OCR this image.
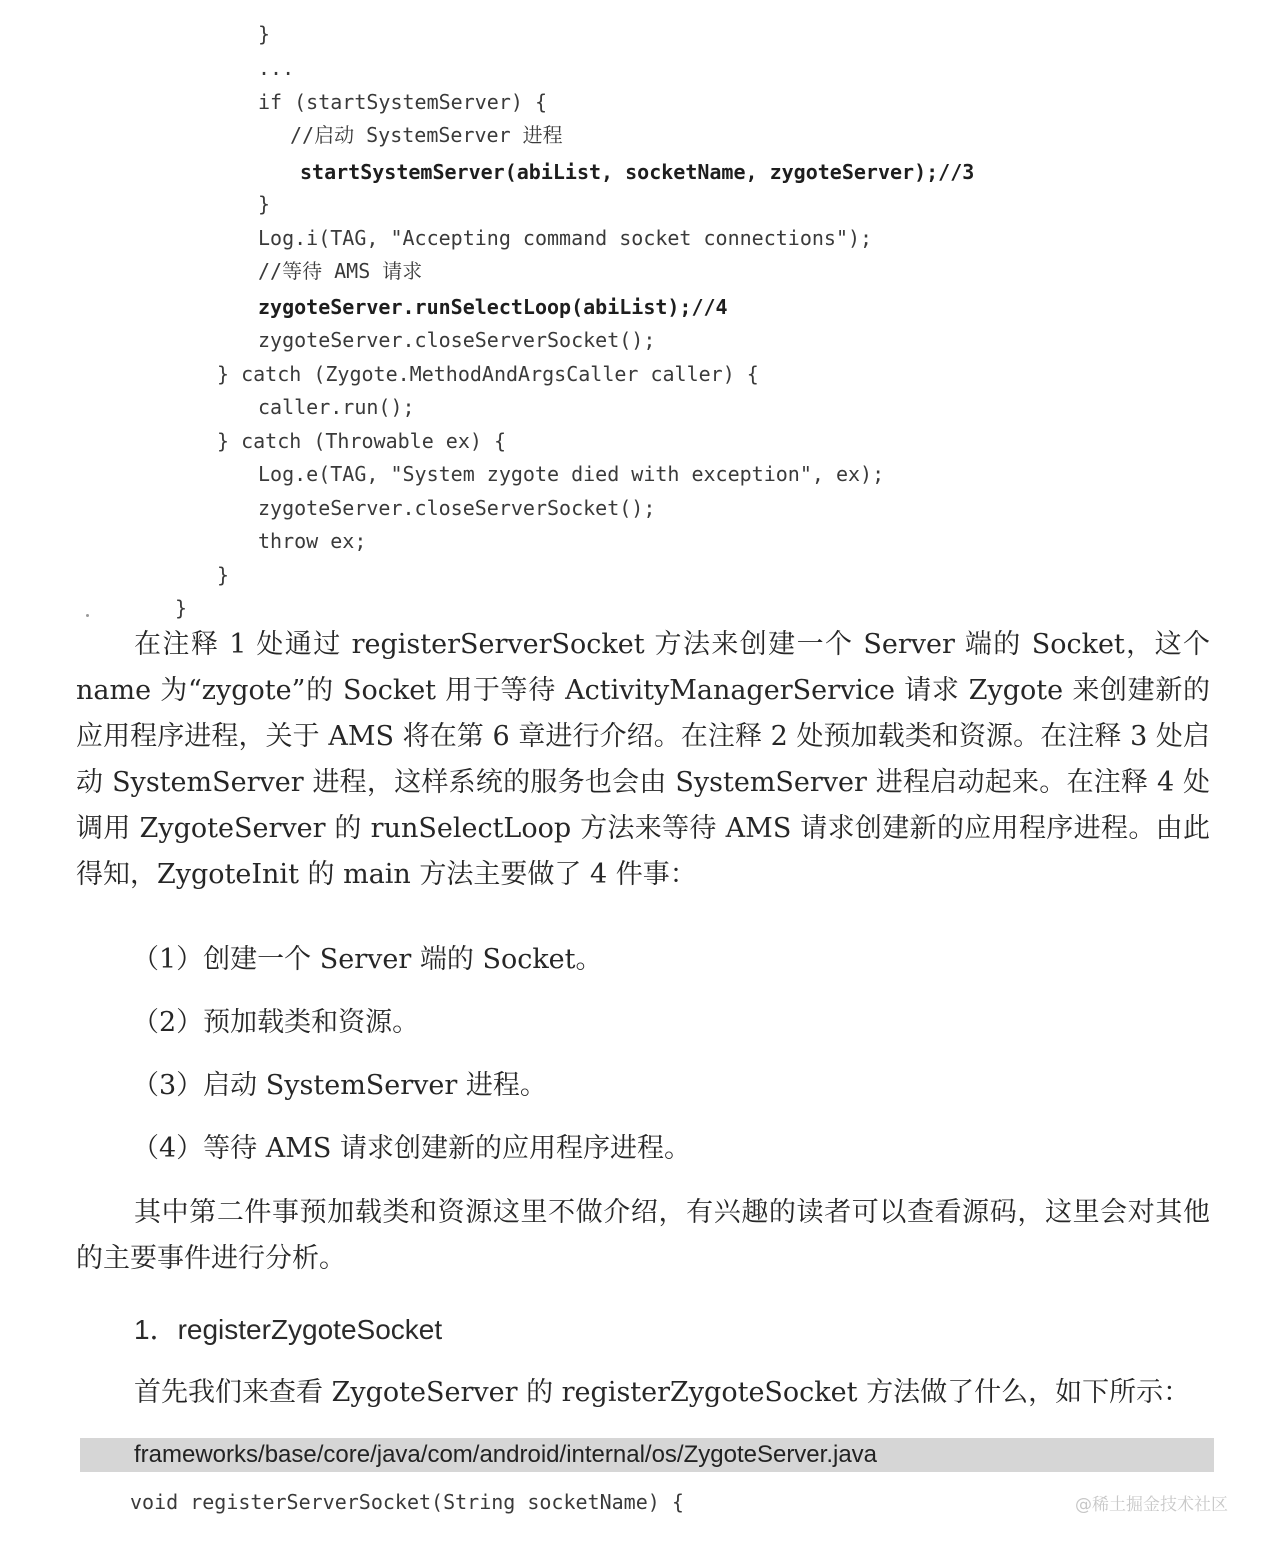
}
...
if (startSystemServer) {
//启动 SystemServer 进程
startSystemServer(abiList, socketName, zygoteServer);//3
}
Log.i(TAG, "Accepting command socket connections");
//等待 AMS 请求
zygoteServer.runSelectLoop(abiList);//4
zygoteServer.closeServerSocket();
} catch (Zygote.MethodAndArgsCaller caller) {
caller.run();
} catch (Throwable ex) {
Log.e(TAG, "System zygote died with exception", ex);
zygoteServer.closeServerSocket();
throw ex;
}
}

在注释 1 处通过 registerServerSocket 方法来创建一个 Server 端的 Socket，这个 name 为“zygote”的 Socket 用于等待 ActivityManagerService 请求 Zygote 来创建新的应用程序进程，关于 AMS 将在第 6 章进行介绍。在注释 2 处预加载类和资源。在注释 3 处启动 SystemServer 进程，这样系统的服务也会由 SystemServer 进程启动起来。在注释 4 处调用 ZygoteServer 的 runSelectLoop 方法来等待 AMS 请求创建新的应用程序进程。由此得知，ZygoteInit 的 main 方法主要做了 4 件事：

（1）创建一个 Server 端的 Socket。
（2）预加载类和资源。
（3）启动 SystemServer 进程。
（4）等待 AMS 请求创建新的应用程序进程。

其中第二件事预加载类和资源这里不做介绍，有兴趣的读者可以查看源码，这里会对其他的主要事件进行分析。

1．registerZygoteSocket

首先我们来查看 ZygoteServer 的 registerZygoteSocket 方法做了什么，如下所示：

frameworks/base/core/java/com/android/internal/os/ZygoteServer.java
void registerServerSocket(String socketName) {	@稀土掘金技术社区
